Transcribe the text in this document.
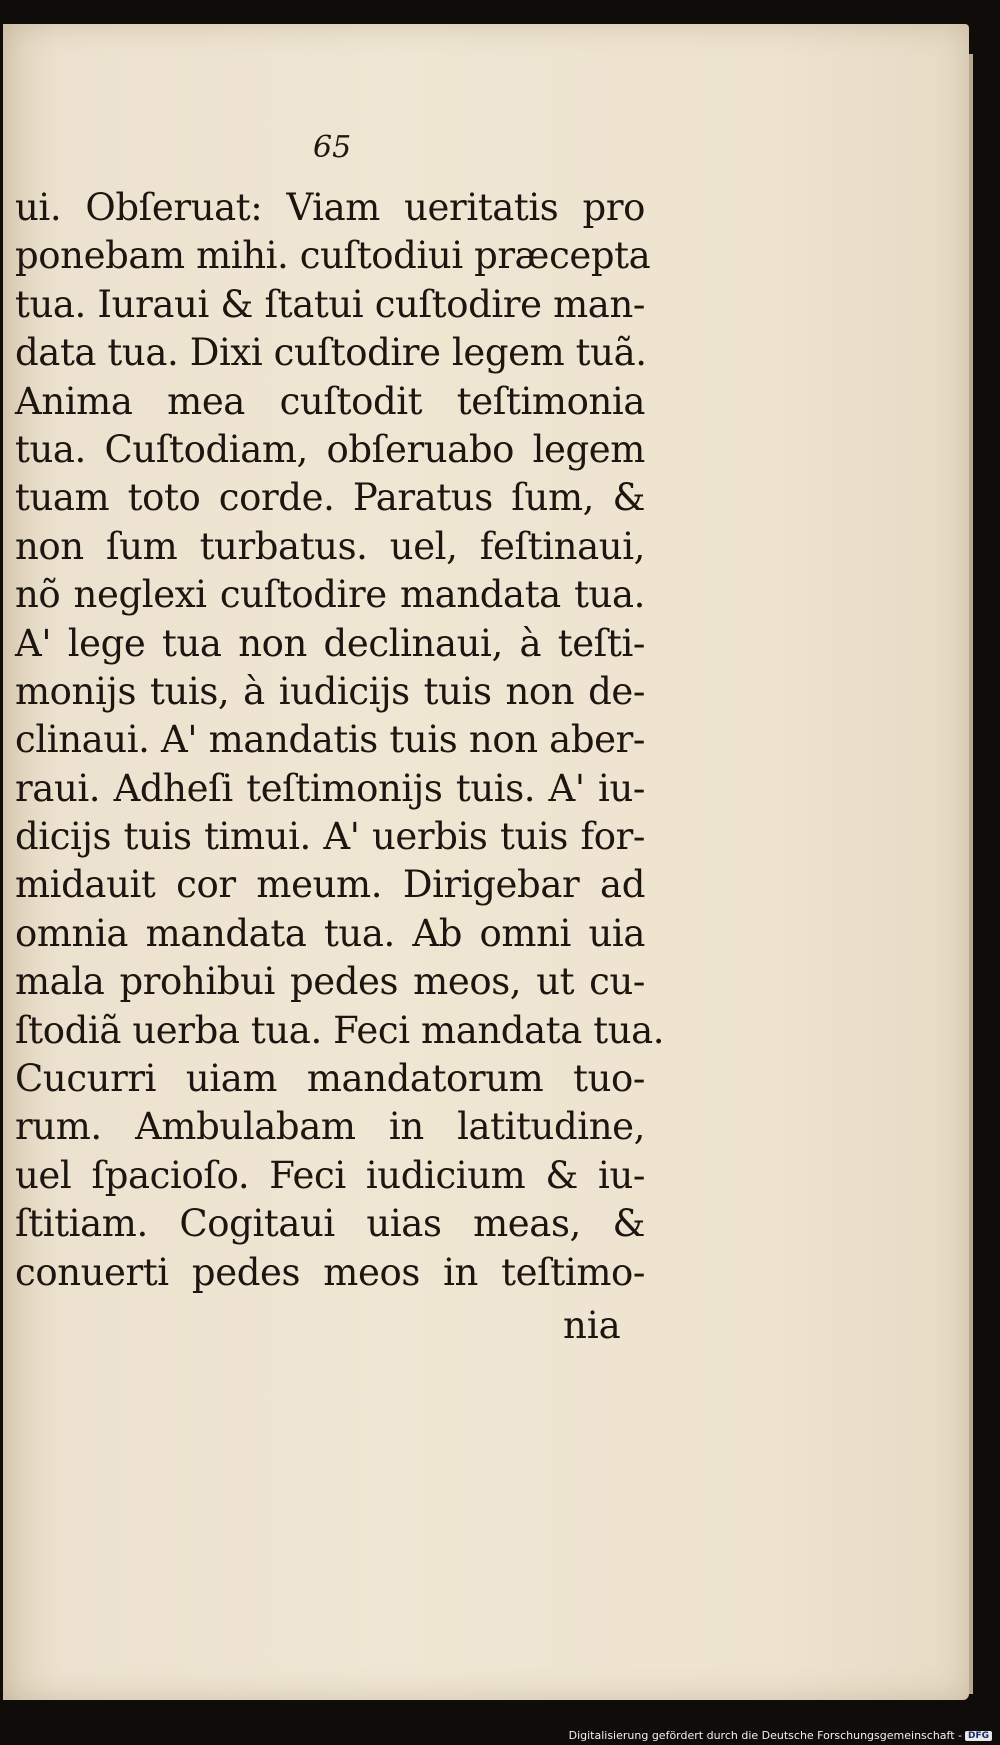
65
ui. Obſeruat: Viam ueritatis pro
ponebam mihi. cuſtodiui præcepta
tua. Iuraui & ſtatui cuſtodire man-
data tua. Dixi cuſtodire legem tuã.
Anima mea cuſtodit teſtimonia
tua. Cuſtodiam, obſeruabo legem
tuam toto corde. Paratus ſum, &
non ſum turbatus. uel, feſtinaui,
nõ neglexi cuſtodire mandata tua.
A' lege tua non declinaui, à teſti-
monijs tuis, à iudicijs tuis non de-
clinaui. A' mandatis tuis non aber-
raui. Adheſi teſtimonijs tuis. A' iu-
dicijs tuis timui. A' uerbis tuis for-
midauit cor meum. Dirigebar ad
omnia mandata tua. Ab omni uia
mala prohibui pedes meos, ut cu-
ſtodiã uerba tua. Feci mandata tua.
Cucurri uiam mandatorum tuo-
rum. Ambulabam in latitudine,
uel ſpacioſo. Feci iudicium & iu-
ſtitiam. Cogitaui uias meas, &
conuerti pedes meos in teſtimo-
nia
Digitalisierung gefördert durch die Deutsche Forschungsgemeinschaft - DFG
